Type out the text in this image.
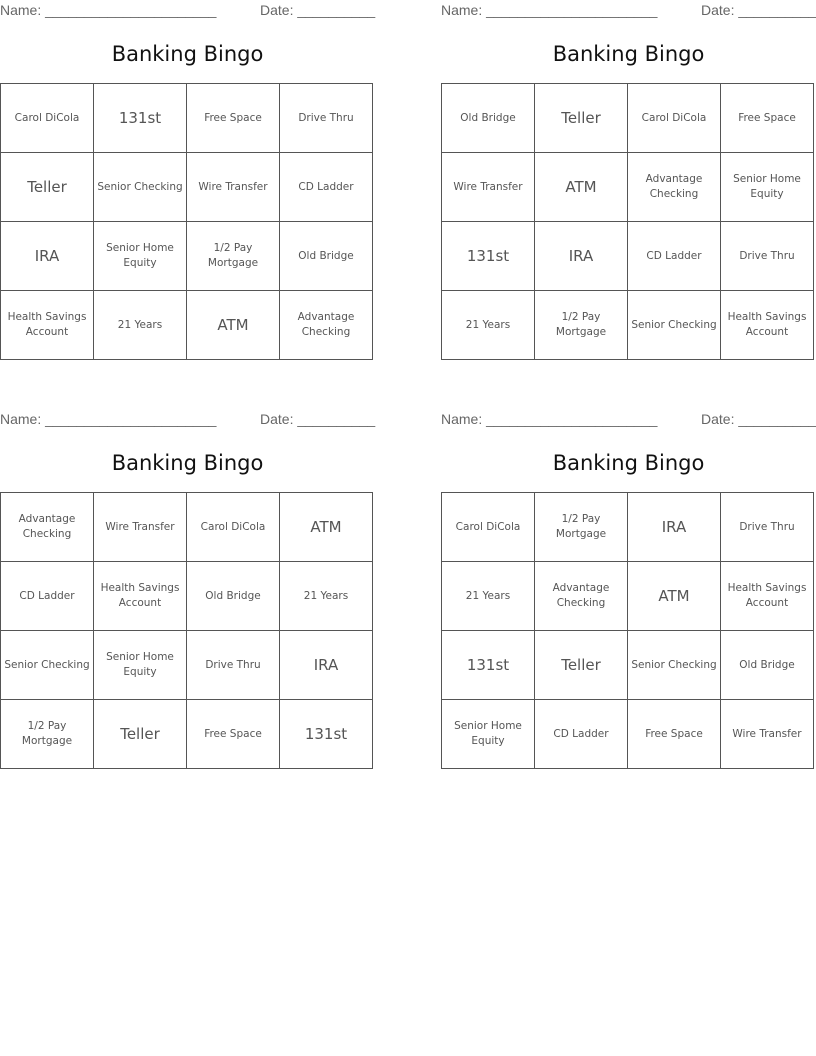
Name: ______________________	Date: __________
Banking Bingo
Carol DiCola	131st	Free Space	Drive Thru
Teller	Senior Checking	Wire Transfer	CD Ladder
IRA	Senior Home Equity	1/2 Pay Mortgage	Old Bridge
Health Savings Account	21 Years	ATM	Advantage Checking
Name: ______________________	Date: __________
Banking Bingo
Old Bridge	Teller	Carol DiCola	Free Space
Wire Transfer	ATM	Advantage Checking	Senior Home Equity
131st	IRA	CD Ladder	Drive Thru
21 Years	1/2 Pay Mortgage	Senior Checking	Health Savings Account
Name: ______________________	Date: __________
Banking Bingo
Advantage Checking	Wire Transfer	Carol DiCola	ATM
CD Ladder	Health Savings Account	Old Bridge	21 Years
Senior Checking	Senior Home Equity	Drive Thru	IRA
1/2 Pay Mortgage	Teller	Free Space	131st
Name: ______________________	Date: __________
Banking Bingo
Carol DiCola	1/2 Pay Mortgage	IRA	Drive Thru
21 Years	Advantage Checking	ATM	Health Savings Account
131st	Teller	Senior Checking	Old Bridge
Senior Home Equity	CD Ladder	Free Space	Wire Transfer
